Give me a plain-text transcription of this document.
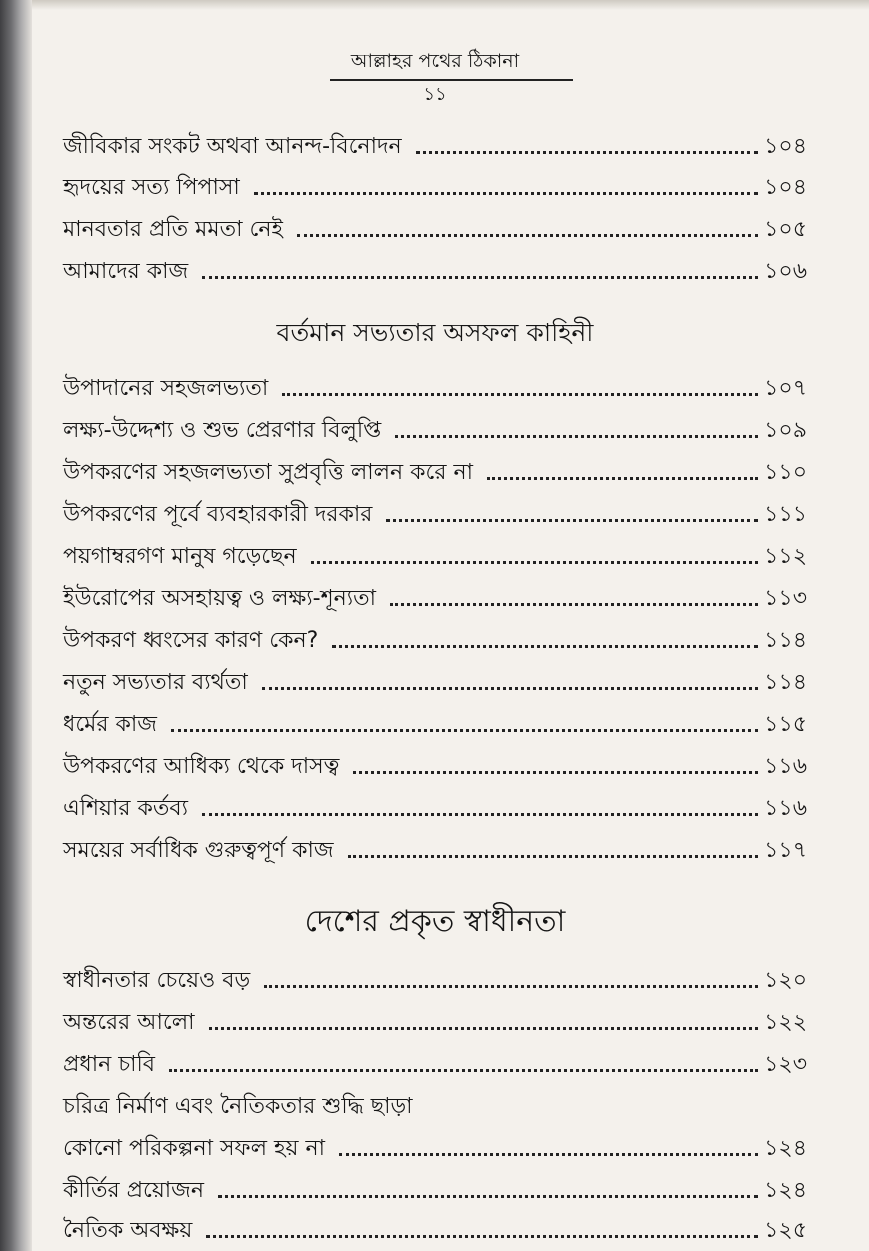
আল্লাহর পথের ঠিকানা
১১
জীবিকার সংকট অথবা আনন্দ-বিনোদন	১০৪
হৃদয়ের সত্য পিপাসা	১০৪
মানবতার প্রতি মমতা নেই	১০৫
আমাদের কাজ	১০৬
বর্তমান সভ্যতার অসফল কাহিনী
উপাদানের সহজলভ্যতা	১০৭
লক্ষ্য-উদ্দেশ্য ও শুভ প্রেরণার বিলুপ্তি	১০৯
উপকরণের সহজলভ্যতা সুপ্রবৃত্তি লালন করে না	১১০
উপকরণের পূর্বে ব্যবহারকারী দরকার	১১১
পয়গাম্বরগণ মানুষ গড়েছেন	১১২
ইউরোপের অসহায়ত্ব ও লক্ষ্য-শূন্যতা	১১৩
উপকরণ ধ্বংসের কারণ কেন?	১১৪
নতুন সভ্যতার ব্যর্থতা	১১৪
ধর্মের কাজ	১১৫
উপকরণের আধিক্য থেকে দাসত্ব	১১৬
এশিয়ার কর্তব্য	১১৬
সময়ের সর্বাধিক গুরুত্বপূর্ণ কাজ	১১৭
দেশের প্রকৃত স্বাধীনতা
স্বাধীনতার চেয়েও বড়	১২০
অন্তরের আলো	১২২
প্রধান চাবি	১২৩
চরিত্র নির্মাণ এবং নৈতিকতার শুদ্ধি ছাড়া
কোনো পরিকল্পনা সফল হয় না	১২৪
কীর্তির প্রয়োজন	১২৪
নৈতিক অবক্ষয়	১২৫
